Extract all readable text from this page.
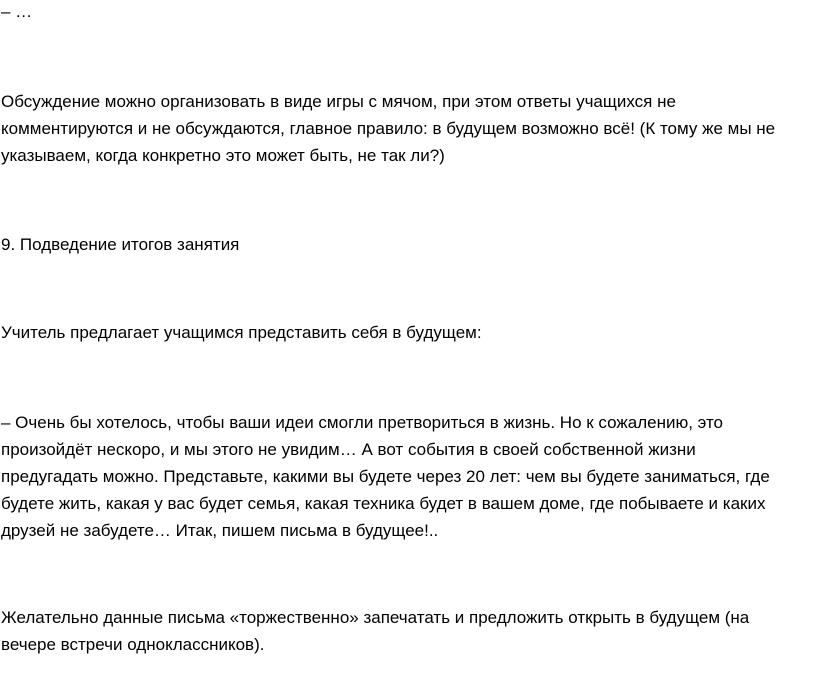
– …

Обсуждение можно организовать в виде игры с мячом, при этом ответы учащихся не
комментируются и не обсуждаются, главное правило: в будущем возможно всё! (К тому же мы не
указываем, когда конкретно это может быть, не так ли?)

9. Подведение итогов занятия

Учитель предлагает учащимся представить себя в будущем:

– Очень бы хотелось, чтобы ваши идеи смогли претвориться в жизнь. Но к сожалению, это
произойдёт нескоро, и мы этого не увидим… А вот события в своей собственной жизни
предугадать можно. Представьте, какими вы будете через 20 лет: чем вы будете заниматься, где
будете жить, какая у вас будет семья, какая техника будет в вашем доме, где побываете и каких
друзей не забудете… Итак, пишем письма в будущее!..

Желательно данные письма «торжественно» запечатать и предложить открыть в будущем (на
вечере встречи одноклассников).
